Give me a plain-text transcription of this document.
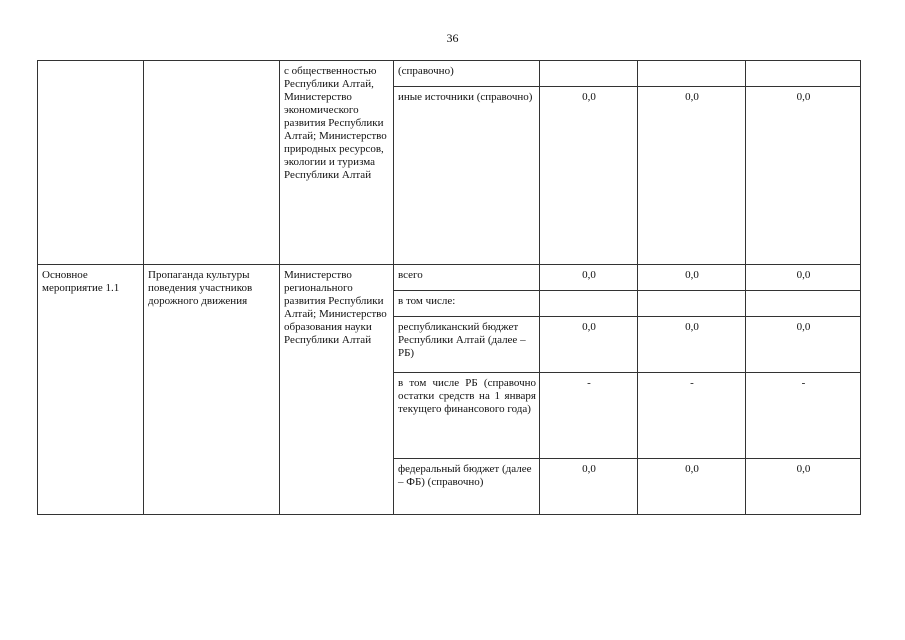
36
		с общественностью Республики Алтай, Министерство экономического развития Республики Алтай; Министерство природных ресурсов, экологии и туризма Республики Алтай	(справочно)			
			иные источники (справочно)	0,0	0,0	0,0
Основное мероприятие 1.1	Пропаганда культуры поведения участников дорожного движения	Министерство регионального развития Республики Алтай; Министерство образования науки Республики Алтай	всего	0,0	0,0	0,0
			в том числе:			
			республиканский бюджет Республики Алтай (далее – РБ)	0,0	0,0	0,0
			в том числе РБ (справочно остатки средств на 1 января текущего финансового года)	-	-	-
			федеральный бюджет (далее – ФБ) (справочно)	0,0	0,0	0,0
